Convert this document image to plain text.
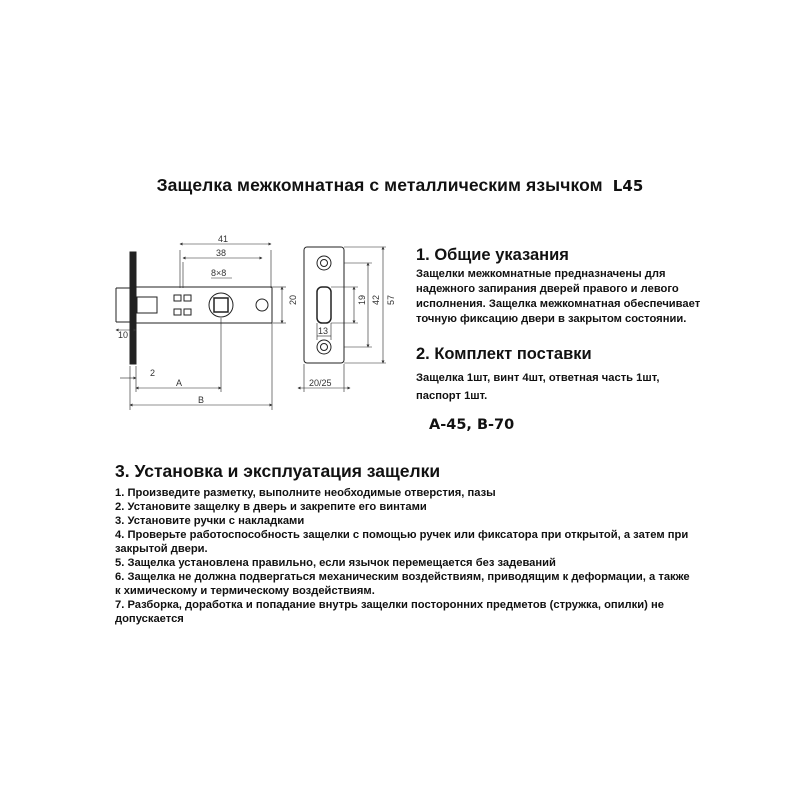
Защелка межкомнатная с металлическим язычком L45
41
38
8×8
20
10
2
A
B
19 42 57
13
20/25
1. Общие указания
Защелки межкомнатные предназначены для
надежного запирания дверей правого и левого
исполнения. Защелка межкомнатная обеспечивает
точную фиксацию двери в закрытом состоянии.
2. Комплект поставки
Защелка 1шт, винт 4шт, ответная часть 1шт,
паспорт 1шт.
A-45, B-70
3. Установка и эксплуатация защелки
1. Произведите разметку, выполните необходимые отверстия, пазы
2. Установите защелку в дверь и закрепите его винтами
3. Установите ручки с накладками
4. Проверьте работоспособность защелки с помощью ручек или фиксатора при открытой, а затем при
закрытой двери.
5. Защелка установлена правильно, если язычок перемещается без задеваний
6. Защелка не должна подвергаться механическим воздействиям, приводящим к деформации, а также
к химическому и термическому воздействиям.
7. Разборка, доработка и попадание внутрь защелки посторонних предметов (стружка, опилки) не
допускается
